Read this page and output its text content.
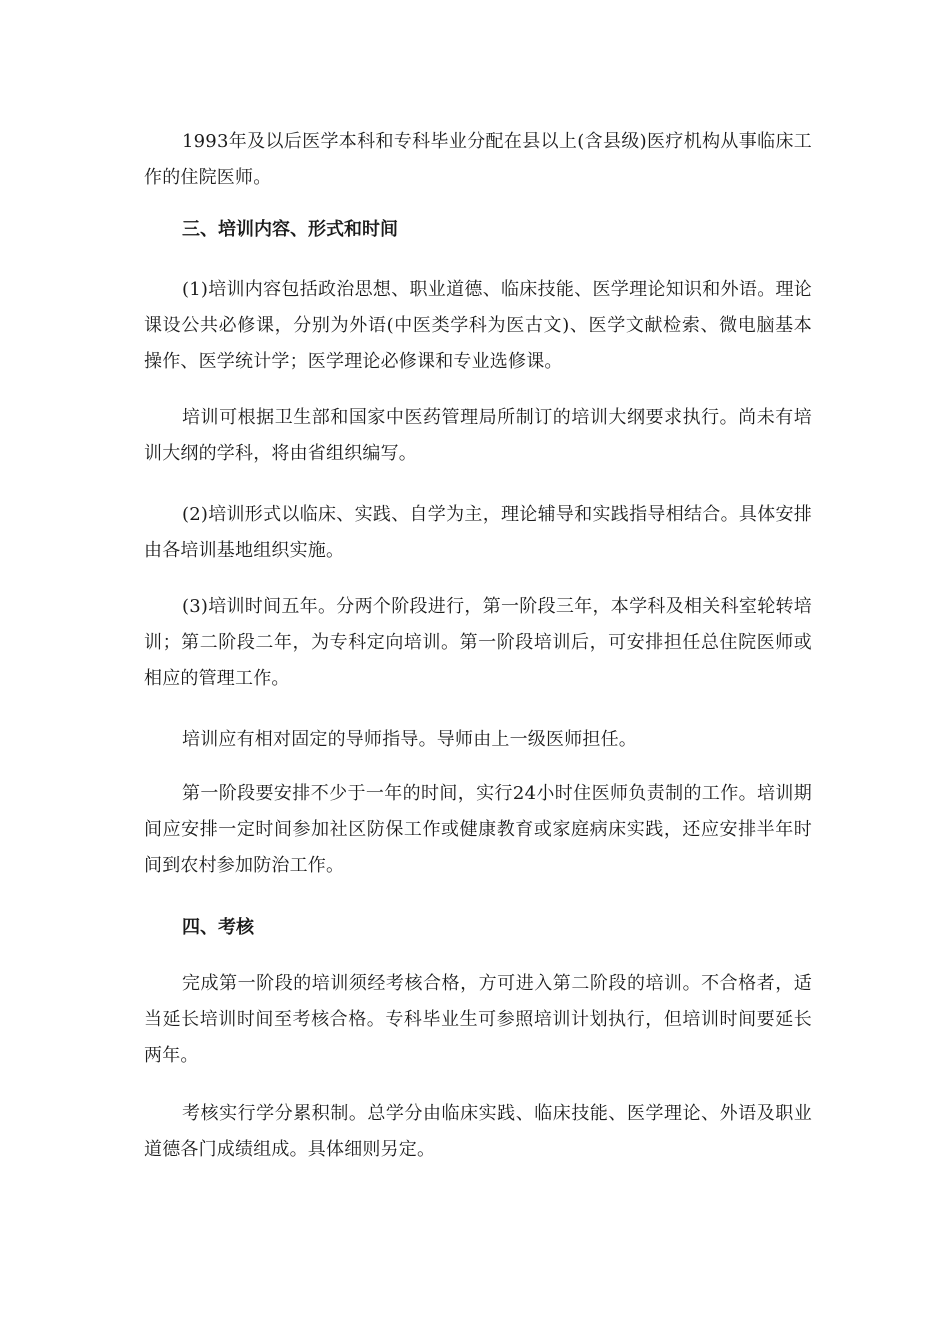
1993年及以后医学本科和专科毕业分配在县以上(含县级)医疗机构从事临床工作的住院医师。

三、培训内容、形式和时间

(1)培训内容包括政治思想、职业道德、临床技能、医学理论知识和外语。理论课设公共必修课，分别为外语(中医类学科为医古文)、医学文献检索、微电脑基本操作、医学统计学；医学理论必修课和专业选修课。

培训可根据卫生部和国家中医药管理局所制订的培训大纲要求执行。尚未有培训大纲的学科，将由省组织编写。

(2)培训形式以临床、实践、自学为主，理论辅导和实践指导相结合。具体安排由各培训基地组织实施。

(3)培训时间五年。分两个阶段进行，第一阶段三年，本学科及相关科室轮转培训；第二阶段二年，为专科定向培训。第一阶段培训后，可安排担任总住院医师或相应的管理工作。

培训应有相对固定的导师指导。导师由上一级医师担任。

第一阶段要安排不少于一年的时间，实行24小时住医师负责制的工作。培训期间应安排一定时间参加社区防保工作或健康教育或家庭病床实践，还应安排半年时间到农村参加防治工作。

四、考核

完成第一阶段的培训须经考核合格，方可进入第二阶段的培训。不合格者，适当延长培训时间至考核合格。专科毕业生可参照培训计划执行，但培训时间要延长两年。

考核实行学分累积制。总学分由临床实践、临床技能、医学理论、外语及职业道德各门成绩组成。具体细则另定。
